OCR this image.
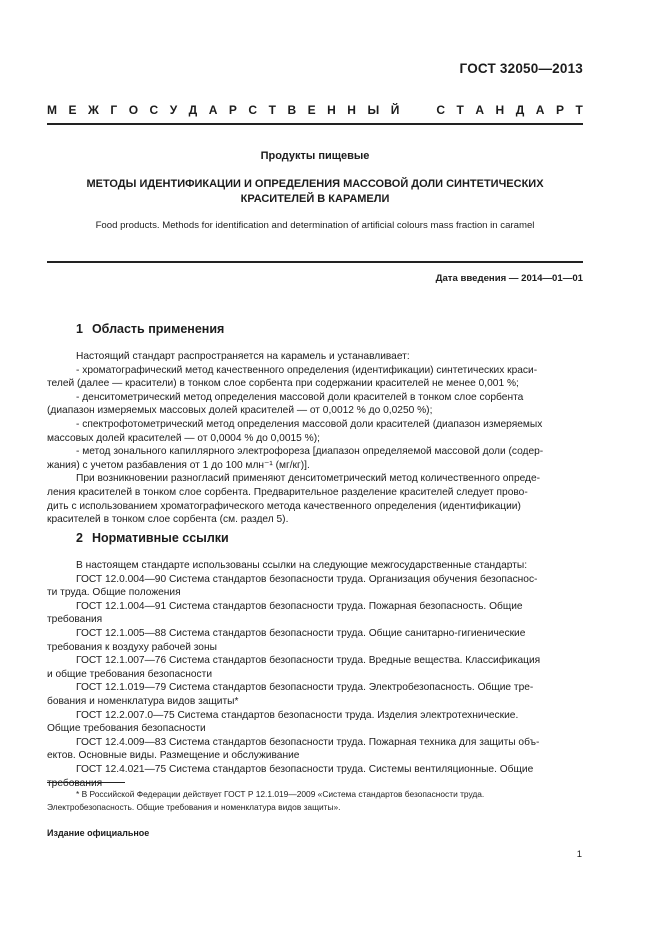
ГОСТ 32050—2013
М Е Ж Г О С У Д А Р С Т В Е Н Н Ы Й	С Т А Н Д А Р Т
Продукты пищевые
МЕТОДЫ ИДЕНТИФИКАЦИИ И ОПРЕДЕЛЕНИЯ МАССОВОЙ ДОЛИ СИНТЕТИЧЕСКИХ
КРАСИТЕЛЕЙ В КАРАМЕЛИ
Food products. Methods for identification and determination of artificial colours mass fraction in caramel
Дата введения — 2014—01—01
1 Область применения
Настоящий стандарт распространяется на карамель и устанавливает:
- хроматографический метод качественного определения (идентификации) синтетических краси-
телей (далее — красители) в тонком слое сорбента при содержании красителей не менее 0,001 %;
- денситометрический метод определения массовой доли красителей в тонком слое сорбента
(диапазон измеряемых массовых долей красителей — от 0,0012 % до 0,0250 %);
- спектрофотометрический метод определения массовой доли красителей (диапазон измеряемых
массовых долей красителей — от 0,0004 % до 0,0015 %);
- метод зонального капиллярного электрофореза [диапазон определяемой массовой доли (содер-
жания) с учетом разбавления от 1 до 100 млн⁻¹ (мг/кг)].
При возникновении разногласий применяют денситометрический метод количественного опреде-
ления красителей в тонком слое сорбента. Предварительное разделение красителей следует прово-
дить с использованием хроматографического метода качественного определения (идентификации)
красителей в тонком слое сорбента (см. раздел 5).
2 Нормативные ссылки
В настоящем стандарте использованы ссылки на следующие межгосударственные стандарты:
ГОСТ 12.0.004—90 Система стандартов безопасности труда. Организация обучения безопаснос-
ти труда. Общие положения
ГОСТ 12.1.004—91 Система стандартов безопасности труда. Пожарная безопасность. Общие
требования
ГОСТ 12.1.005—88 Система стандартов безопасности труда. Общие санитарно-гигиенические
требования к воздуху рабочей зоны
ГОСТ 12.1.007—76 Система стандартов безопасности труда. Вредные вещества. Классификация
и общие требования безопасности
ГОСТ 12.1.019—79 Система стандартов безопасности труда. Электробезопасность. Общие тре-
бования и номенклатура видов защиты*
ГОСТ 12.2.007.0—75 Система стандартов безопасности труда. Изделия электротехнические.
Общие требования безопасности
ГОСТ 12.4.009—83 Система стандартов безопасности труда. Пожарная техника для защиты объ-
ектов. Основные виды. Размещение и обслуживание
ГОСТ 12.4.021—75 Система стандартов безопасности труда. Системы вентиляционные. Общие
требования
* В Российской Федерации действует ГОСТ Р 12.1.019—2009 «Система стандартов безопасности труда.
Электробезопасность. Общие требования и номенклатура видов защиты».
Издание официальное
1
